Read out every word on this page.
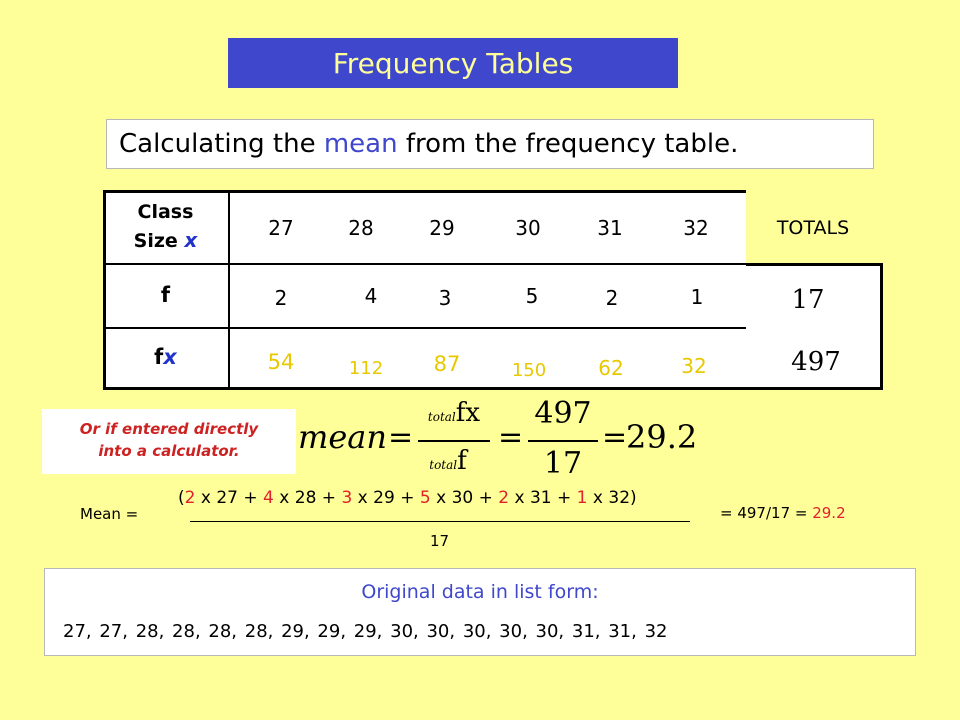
Frequency Tables
Calculating the mean from the frequency table.
Class
Size x	27	28	29	30	31	32	TOTALS
f	2	4	3	5	2	1	17
f x	54	112	87	150	62	32	497
Or if entered directly
into a calculator.	mean =
totalfx
totalf
=
497
17
=
29.2
Mean =
(2 x 27 + 4 x 28 + 3 x 29 + 5 x 30 + 2 x 31 + 1 x 32)
17
= 497/17 = 29.2
Original data in list form:
27, 27, 28, 28, 28, 28, 29, 29, 29, 30, 30, 30, 30, 30, 31, 31, 32
